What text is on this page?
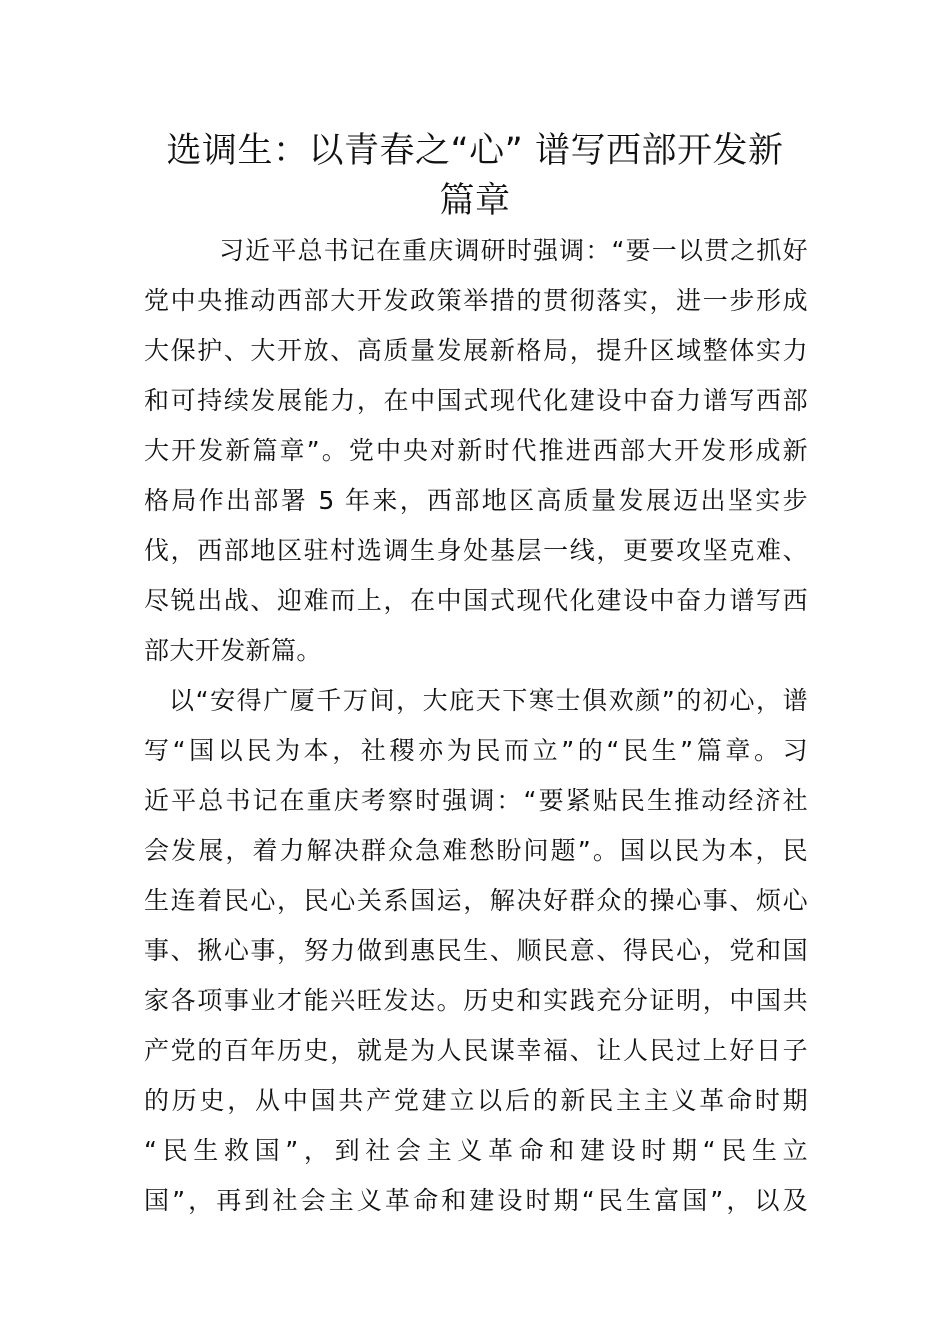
选调生：以青春之“心” 谱写西部开发新
篇章
习近平总书记在重庆调研时强调：“要一以贯之抓好
党中央推动西部大开发政策举措的贯彻落实，进一步形成
大保护、大开放、高质量发展新格局，提升区域整体实力
和可持续发展能力，在中国式现代化建设中奋力谱写西部
大开发新篇章”。党中央对新时代推进西部大开发形成新
格局作出部署 5 年来，西部地区高质量发展迈出坚实步
伐，西部地区驻村选调生身处基层一线，更要攻坚克难、
尽锐出战、迎难而上，在中国式现代化建设中奋力谱写西
部大开发新篇。
以“安得广厦千万间，大庇天下寒士俱欢颜”的初心，谱
写“国以民为本，社稷亦为民而立”的“民生”篇章。习
近平总书记在重庆考察时强调：“要紧贴民生推动经济社
会发展，着力解决群众急难愁盼问题”。国以民为本，民
生连着民心，民心关系国运，解决好群众的操心事、烦心
事、揪心事，努力做到惠民生、顺民意、得民心，党和国
家各项事业才能兴旺发达。历史和实践充分证明，中国共
产党的百年历史，就是为人民谋幸福、让人民过上好日子
的历史，从中国共产党建立以后的新民主主义革命时期
“民生救国”，到社会主义革命和建设时期“民生立
国”，再到社会主义革命和建设时期“民生富国”，以及
